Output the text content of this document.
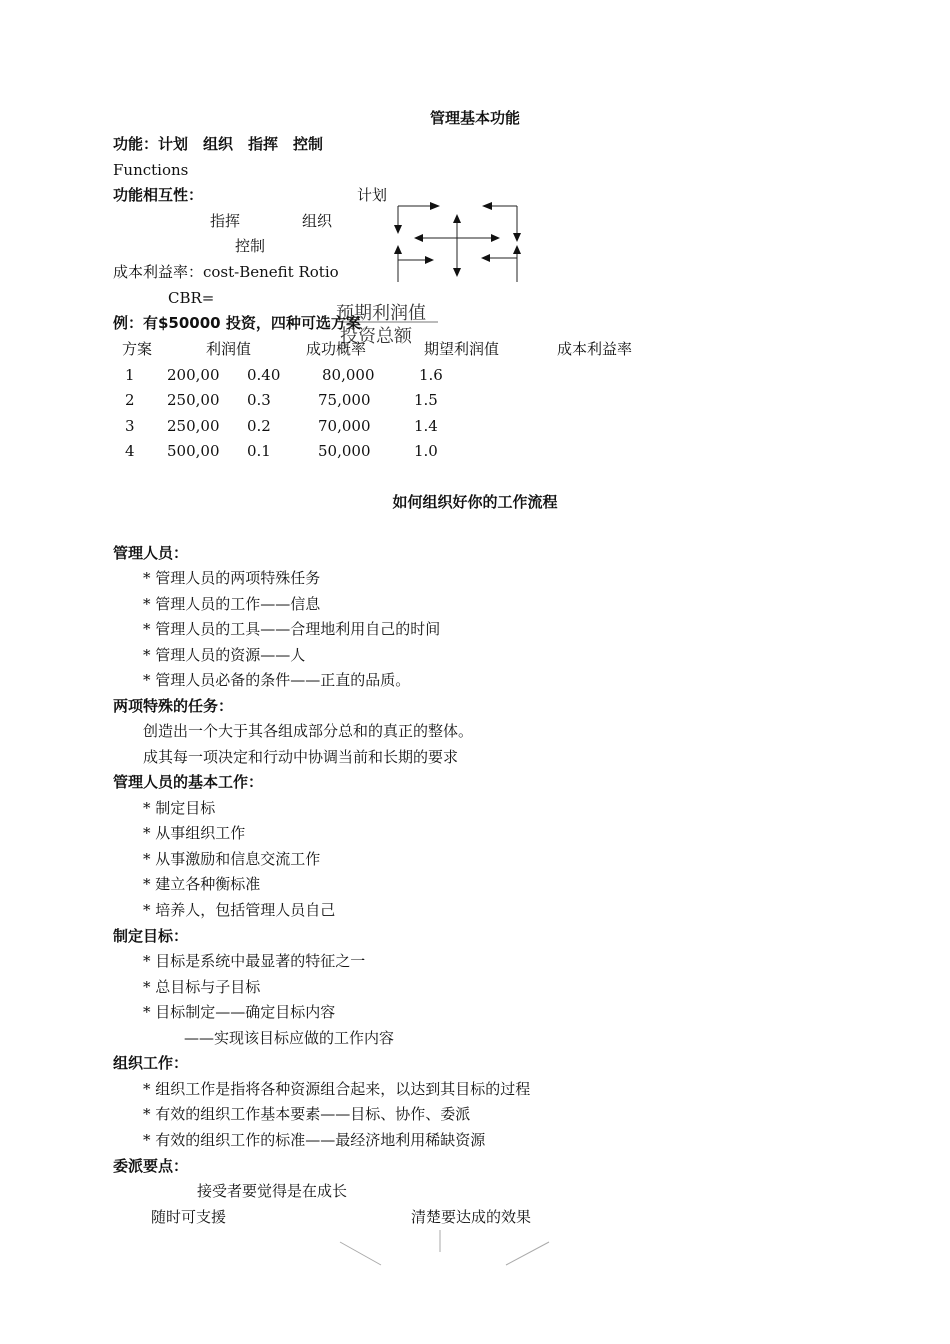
管理基本功能
功能：计划　组织　指挥　控制
Functions
功能相互性：	计划
指挥	组织
控制
成本利益率：cost-Benefit Rotio
CBR=
预期利润值
例：有$50000 投资，四种可选方案
投资总额
方案	利润值	成功概率	期望利润值	成本利益率
1 200,00 0.40	80,000	1.6
2 250,00 0.3	75,000	1.5
3 250,00 0.2	70,000	1.4
4 500,00 0.1	50,000	1.0
如何组织好你的工作流程
管理人员：
* 管理人员的两项特殊任务
* 管理人员的工作——信息
* 管理人员的工具——合理地利用自己的时间
* 管理人员的资源——人
* 管理人员必备的条件——正直的品质。
两项特殊的任务：
创造出一个大于其各组成部分总和的真正的整体。
成其每一项决定和行动中协调当前和长期的要求
管理人员的基本工作：
* 制定目标
* 从事组织工作
* 从事激励和信息交流工作
* 建立各种衡标准
* 培养人，包括管理人员自己
制定目标：
* 目标是系统中最显著的特征之一
* 总目标与子目标
* 目标制定——确定目标内容
——实现该目标应做的工作内容
组织工作：
* 组织工作是指将各种资源组合起来，以达到其目标的过程
* 有效的组织工作基本要素——目标、协作、委派
* 有效的组织工作的标准——最经济地利用稀缺资源
委派要点：
接受者要觉得是在成长
随时可支援	清楚要达成的效果
